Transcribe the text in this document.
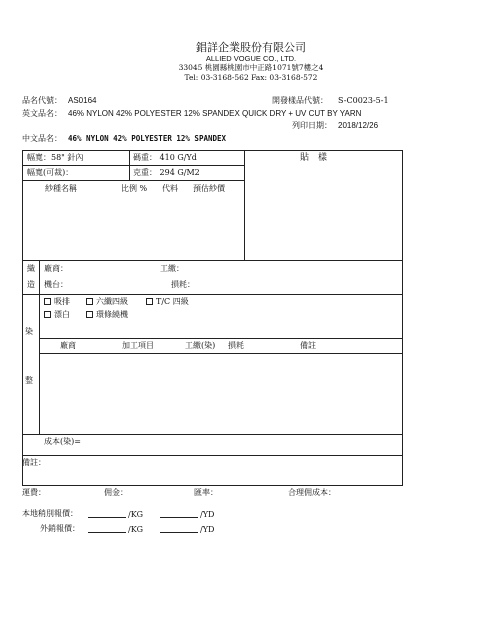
錩詳企業股份有限公司
ALLIED VOGUE CO., LTD.
33045 桃園縣桃園市中正路1071號7樓之4
Tel: 03-3168-562 Fax: 03-3168-572
品名代號： AS0164	開發樣品代號： S-C0023-5-1
英文品名： 46% NYLON 42% POLYESTER 12% SPANDEX QUICK DRY + UV CUT BY YARN
列印日期： 2018/12/26
中文品名： 46% NYLON 42% POLYESTER 12% SPANDEX
幅寬：58" 針內	碼重： 410 G/Yd	貼　樣
幅寬(可裁)：	克重： 294 G/M2
紗種名稱	比例 % 代料 預估紗價
織
造
廠商：	工繳：
機台：	損耗：
吸排	六纖四級	T/C 四級
漂白	環條繞機
染
整
廠商	加工項目	工繳(染) 損耗	備註
成本(染)=
備註：
運費：	佣金：	匯率：	合理佣成本：
本地稍別報價：	/KG	/YD
外銷報價：	/KG	/YD
